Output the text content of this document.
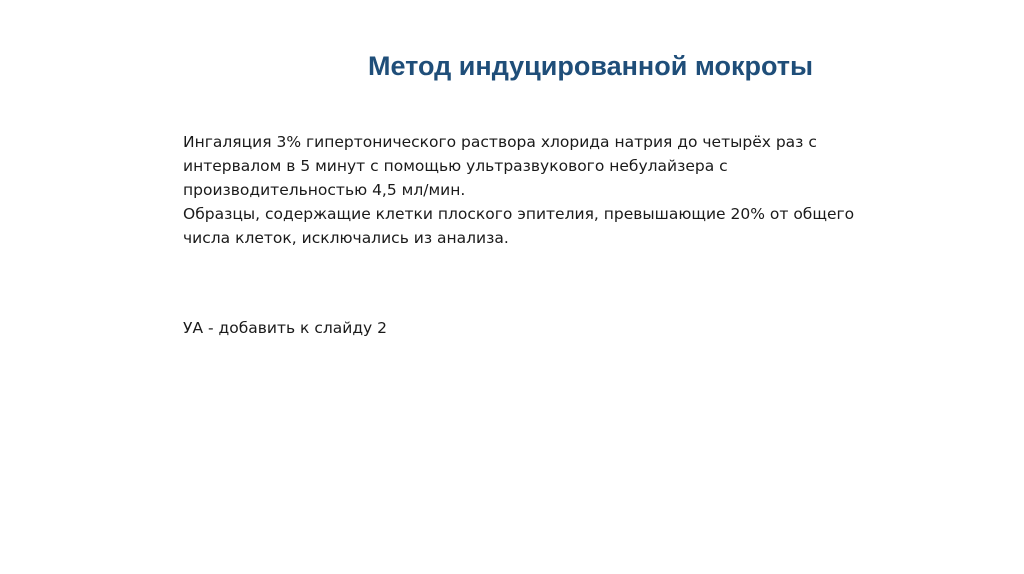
Метод индуцированной мокроты

Ингаляция 3% гипертонического раствора хлорида натрия до четырёх раз с

интервалом в 5 минут с помощью ультразвукового небулайзера с

производительностью 4,5 мл/мин.

Образцы, содержащие клетки плоского эпителия, превышающие 20% от общего

числа клеток, исключались из анализа.

УА - добавить к слайду 2
